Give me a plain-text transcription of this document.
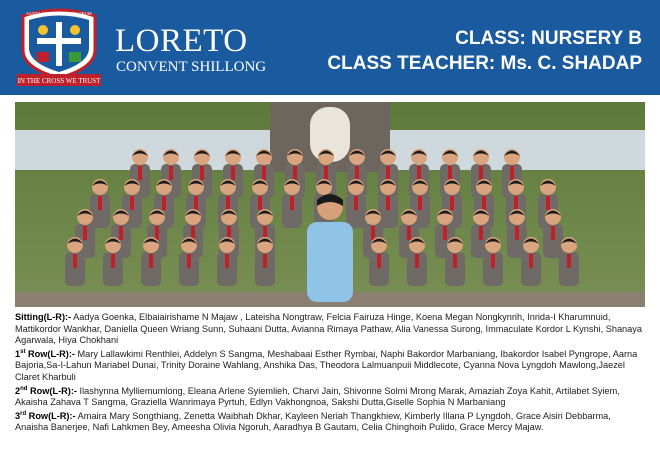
IN THE CROSS WE TRUST
SANTA MEGA NA ANGELORUM
LORETO
CONVENT SHILLONG
CLASS: NURSERY B
CLASS TEACHER: Ms. C. SHADAP

Sitting(L-R):- Aadya Goenka, Elbaiairishame N Majaw , Lateisha Nongtraw, Felcia Fairuza Hinge, Koena Megan Nongkynrih, Inrida-I Kharumnuid, Mattikordor Wankhar, Daniella Queen Wriang Sunn, Suhaani Dutta, Avianna Rimaya Pathaw, Alia Vanessa Surong, Immaculate Kordor L Kynshi, Shanaya Agarwala, Hiya Chokhani

1st Row(L-R):- Mary Lallawkimi Renthlei, Addelyn S Sangma, Meshabaai Esther Rymbai, Naphi Bakordor Marbaniang, Ibakordor Isabel Pyngrope, Aarna Bajoria,Sa-I-Lahun Mariabel Dunai, Trinity Doraine Wahlang, Anshika Das, Theodora Lalmuanpuii Middlecote, Cyanna Nova Lyngdoh Mawlong,Jaezel Claret Kharbuli

2nd Row(L-R):- Ilashynna Mylliemumlong, Eleana Arlene Syiemlieh, Charvi Jain, Shivonne Solmi Mrong Marak, Amaziah Zoya Kahit, Artilabet Syiem, Akaisha Zahava T Sangma, Graziella Wanrimaya Pyrtuh, Edlyn Vakhongnoa, Sakshi Dutta,Giselle Sophia N Marbaniang

3rd Row(L-R):- Amaira Mary Songthiang, Zenetta Waibhah Dkhar, Kayleen Neriah Thangkhiew, Kimberly Illana P Lyngdoh, Grace Aisiri Debbarma, Anaisha Banerjee, Nafi Lahkmen Bey, Ameesha Olivia Ngoruh, Aaradhya B Gautam, Celia Chinghoih Pulido, Grace Mercy Majaw.
